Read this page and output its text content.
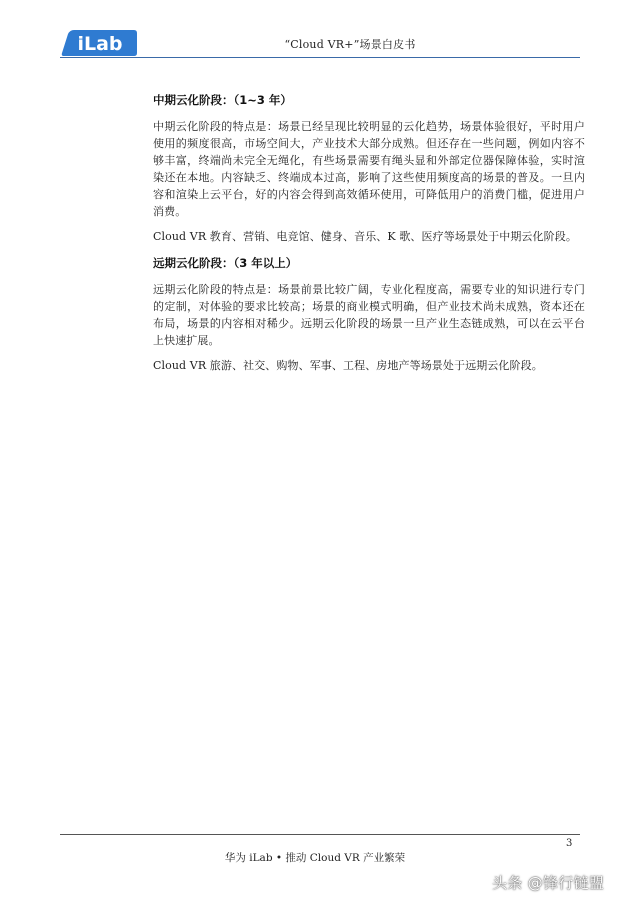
iLab	“Cloud VR+”场景白皮书
中期云化阶段：（1~3 年）

中期云化阶段的特点是：场景已经呈现比较明显的云化趋势，场景体验很好，平时用户使用的频度很高，市场空间大，产业技术大部分成熟。但还存在一些问题，例如内容不够丰富，终端尚未完全无绳化，有些场景需要有绳头显和外部定位器保障体验，实时渲染还在本地。内容缺乏、终端成本过高，影响了这些使用频度高的场景的普及。一旦内容和渲染上云平台，好的内容会得到高效循环使用，可降低用户的消费门槛，促进用户消费。

Cloud VR 教育、营销、电竞馆、健身、音乐、K 歌、医疗等场景处于中期云化阶段。

远期云化阶段：（3 年以上）

远期云化阶段的特点是：场景前景比较广阔，专业化程度高，需要专业的知识进行专门的定制，对体验的要求比较高；场景的商业模式明确，但产业技术尚未成熟，资本还在布局，场景的内容相对稀少。远期云化阶段的场景一旦产业生态链成熟，可以在云平台上快速扩展。

Cloud VR 旅游、社交、购物、军事、工程、房地产等场景处于远期云化阶段。

3
华为 iLab • 推动 Cloud VR 产业繁荣
头条 @锋行链盟
